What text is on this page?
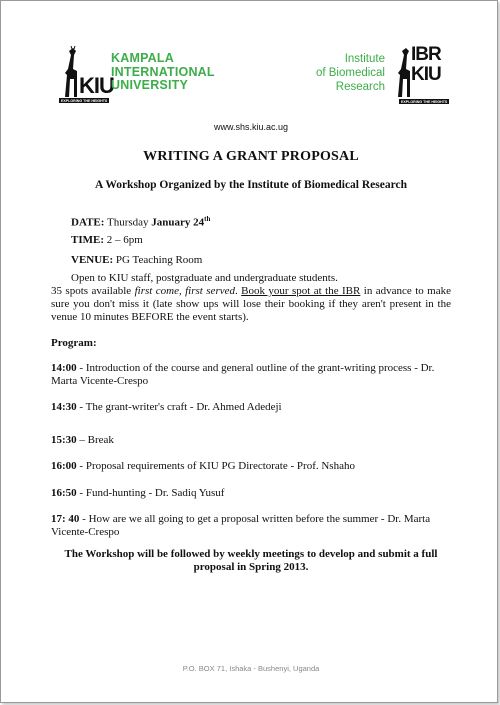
KIU
EXPLORING THE HEIGHTS
KAMPALA
INTERNATIONAL
UNIVERSITY
Institute
of Biomedical
Research
IBR
KIU
EXPLORING THE HEIGHTS
www.shs.kiu.ac.ug
WRITING A GRANT PROPOSAL
A Workshop Organized by the Institute of Biomedical Research
DATE: Thursday January 24th
TIME: 2 – 6pm
VENUE: PG Teaching Room
Open to KIU staff, postgraduate and undergraduate students.
35 spots available first come, first served. Book your spot at the IBR in advance to make sure you don't miss it (late show ups will lose their booking if they aren't present in the venue 10 minutes BEFORE the event starts).
Program:
14:00 - Introduction of the course and general outline of the grant-writing process - Dr. Marta Vicente-Crespo
14:30 - The grant-writer's craft - Dr. Ahmed Adedeji
15:30 – Break
16:00 - Proposal requirements of KIU PG Directorate - Prof. Nshaho
16:50 - Fund-hunting - Dr. Sadiq Yusuf
17: 40 - How are we all going to get a proposal written before the summer - Dr. Marta Vicente-Crespo
The Workshop will be followed by weekly meetings to develop and submit a full proposal in Spring 2013.
P.O. BOX 71, Ishaka - Bushenyi, Uganda
